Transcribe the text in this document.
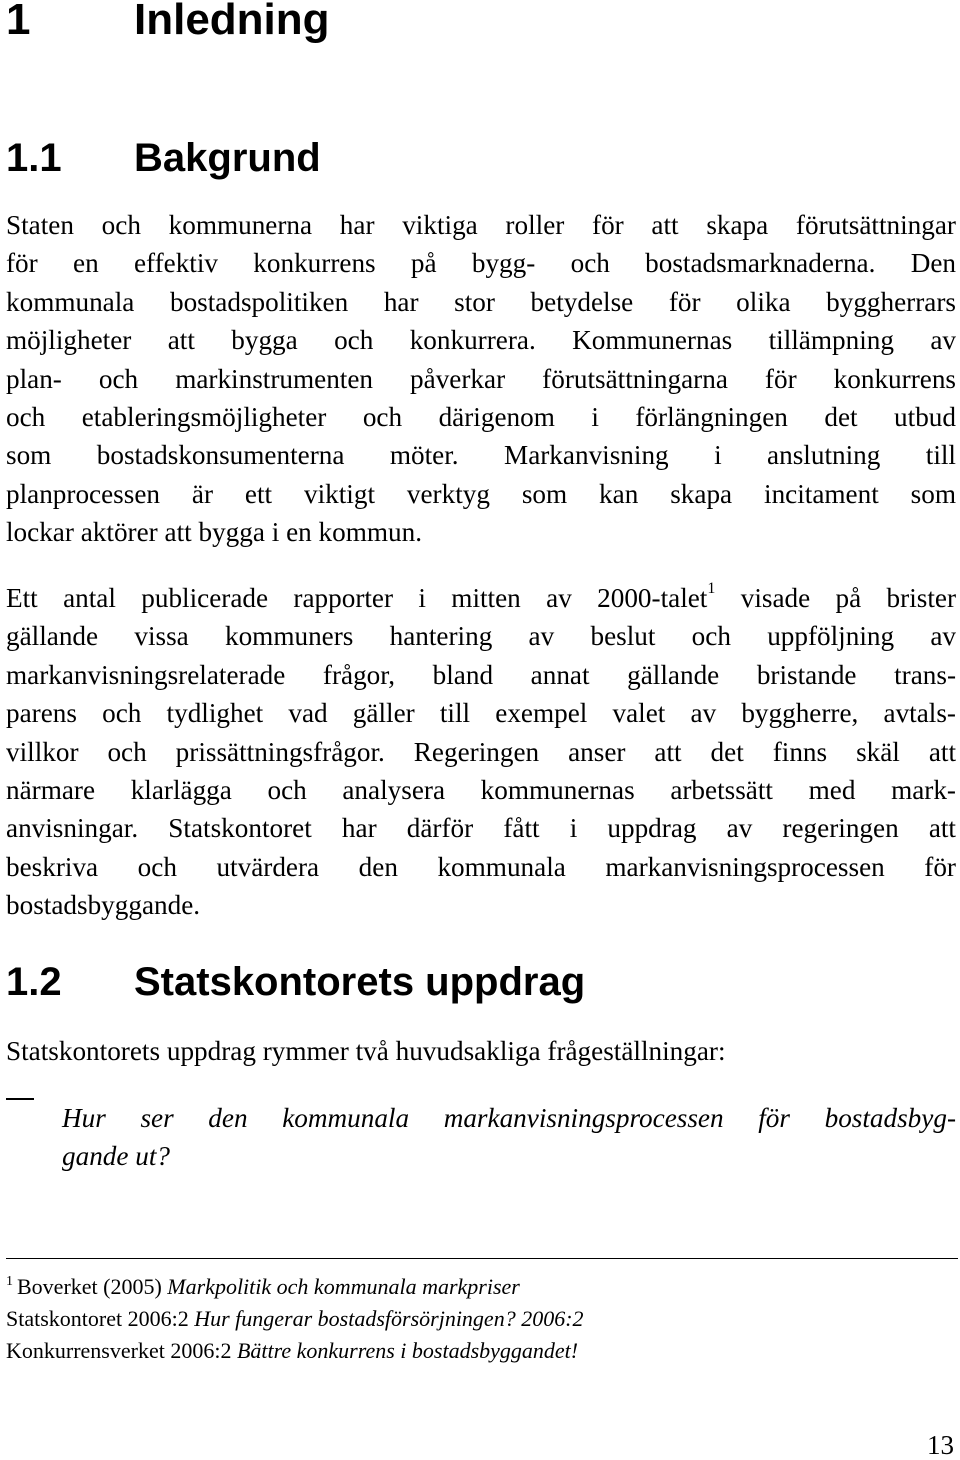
1 Inledning
1.1 Bakgrund
Staten och kommunerna har viktiga roller för att skapa förutsättningar
för en effektiv konkurrens på bygg- och bostadsmarknaderna. Den
kommunala bostadspolitiken har stor betydelse för olika byggherrars
möjligheter att bygga och konkurrera. Kommunernas tillämpning av
plan- och markinstrumenten påverkar förutsättningarna för konkurrens
och etableringsmöjligheter och därigenom i förlängningen det utbud
som bostadskonsumenterna möter. Markanvisning i anslutning till
planprocessen är ett viktigt verktyg som kan skapa incitament som
lockar aktörer att bygga i en kommun.
Ett antal publicerade rapporter i mitten av 2000-talet$^1$ visade på brister
gällande vissa kommuners hantering av beslut och uppföljning av
markanvisningsrelaterade frågor, bland annat gällande bristande trans-
parens och tydlighet vad gäller till exempel valet av byggherre, avtals-
villkor och prissättningsfrågor. Regeringen anser att det finns skäl att
närmare klarlägga och analysera kommunernas arbetssätt med mark-
anvisningar. Statskontoret har därför fått i uppdrag av regeringen att
beskriva och utvärdera den kommunala markanvisningsprocessen för
bostadsbyggande.
1.2 Statskontorets uppdrag
Statskontorets uppdrag rymmer två huvudsakliga frågeställningar:
Hur ser den kommunala markanvisningsprocessen för bostadsbyg-
gande ut?
$^1$ Boverket (2005) Markpolitik och kommunala markpriser
Statskontoret 2006:2 Hur fungerar bostadsförsörjningen? 2006:2
Konkurrensverket 2006:2 Bättre konkurrens i bostadsbyggandet!
13
